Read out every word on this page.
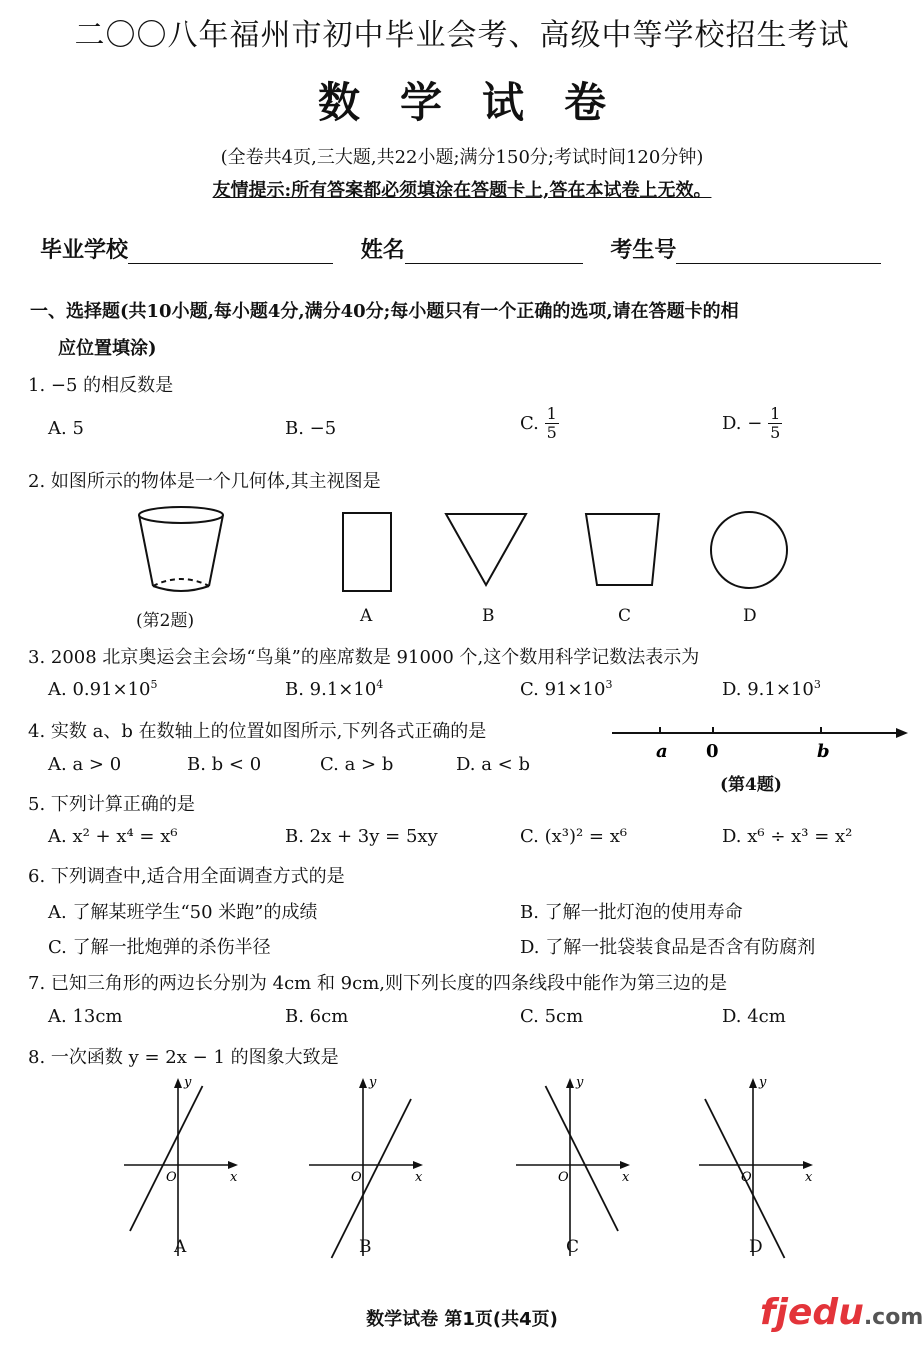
二〇〇八年福州市初中毕业会考、高级中等学校招生考试
数学试卷
(全卷共4页,三大题,共22小题;满分150分;考试时间120分钟)
友情提示:所有答案都必须填涂在答题卡上,答在本试卷上无效。
毕业学校	姓名	考生号
一、选择题(共10小题,每小题4分,满分40分;每小题只有一个正确的选项,请在答题卡的相
应位置填涂)
1. −5 的相反数是
A. 5	B. −5	C. $\frac{1}{5}$	D. − $\frac{1}{5}$
2. 如图所示的物体是一个几何体,其主视图是
(第2题)	A	B	C	D
3. 2008 北京奥运会主会场“鸟巢”的座席数是 91000 个,这个数用科学记数法表示为
A. $0.91\times 10^5$	B. $9.1\times 10^4$	C. $91\times 10^3$	D. $9.1\times 10^3$
4. 实数 a、b 在数轴上的位置如图所示,下列各式正确的是
A. a > 0	B. b < 0	C. a > b	D. a < b
a 0	b
(第4题)
5. 下列计算正确的是
A. x² + x⁴ = x⁶	B. 2x + 3y = 5xy	C. (x³)² = x⁶	D. x⁶ ÷ x³ = x²
6. 下列调查中,适合用全面调查方式的是
A. 了解某班学生“50 米跑”的成绩	B. 了解一批灯泡的使用寿命
C. 了解一批炮弹的杀伤半径	D. 了解一批袋装食品是否含有防腐剂
7. 已知三角形的两边长分别为 4cm 和 9cm,则下列长度的四条线段中能作为第三边的是
A. 13cm	B. 6cm	C. 5cm	D. 4cm
8. 一次函数 y = 2x − 1 的图象大致是
x
y
O
A
x
y
O
B
x
y
O
C
x
y
O
D
数学试卷 第1页(共4页)	fjedu.com
